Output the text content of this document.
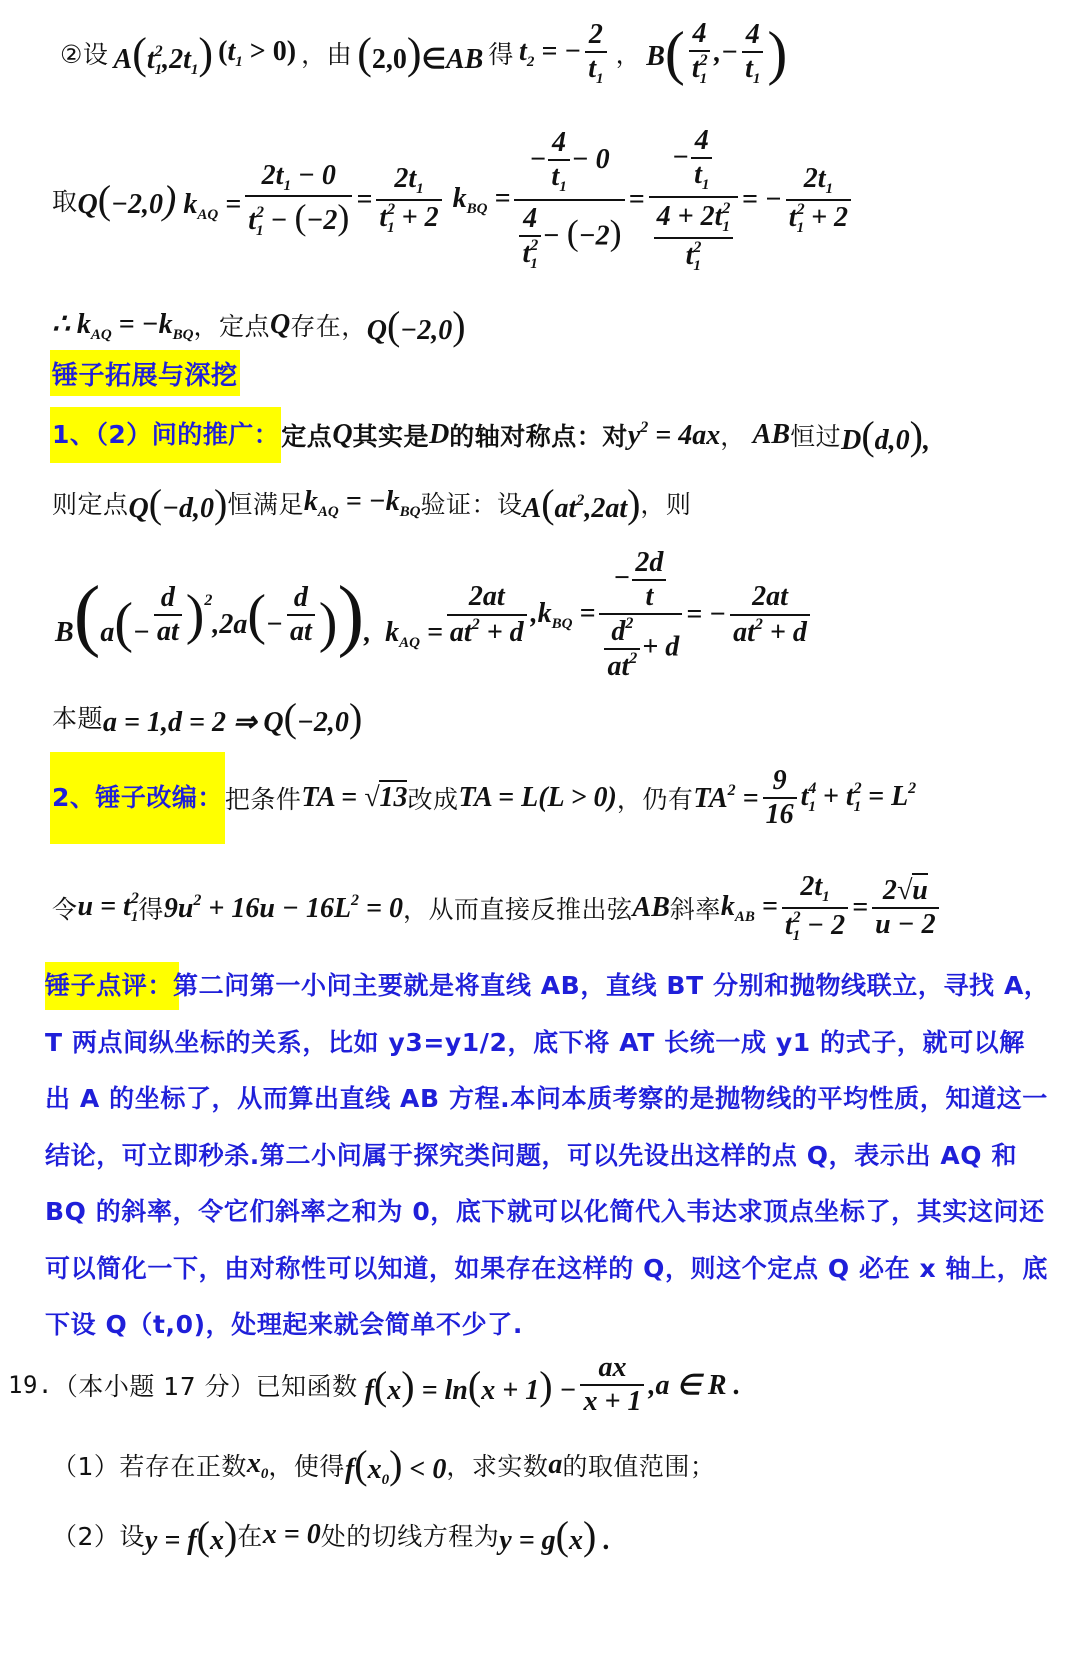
②设 $A(t^2_1,2t_1) (t_1 > 0)$ ，由 (2,0)∈AB 得 $t_2$ = − $\frac{2}{t_1}$ ， $B( \frac{4}{t^2_1}$ ,− $\frac{4}{t_1}$ )
取 Q(−2,0) $k_{AQ} = \frac{2t_1 - 0}{t^2_1 - (-2)} = \frac{2t_1}{t^2_1 + 2} k_{BQ} = \frac{- \frac{4}{t_1} - 0}{\frac{4}{t^2_1} - (-2)} = \frac{- \frac{4}{t_1}}{\frac{4 + 2t^2_1}{t^2_1}}$ = − $\frac{2t_1}{t^2_1 + 2}$
∴ $k_{AQ} = -k_{BQ}$ ，定点 Q 存在， Q(−2,0)
锤子拓展与深挖
1、（2）问的推广： 定点 Q 其实是 D 的轴对称点：对 $y^2 = 4ax$ ， AB 恒过 D(d,0),
则定点 Q(−d,0) 恒满足 $k_{AQ} = -k_{BQ}$ 验证：设 $A(at^2,2at)$ ，则
$B(a(- \frac{d}{at} )^2,2a(- \frac{d}{at}$ )),  $k_{AQ} = \frac{2at}{at^2 + d} ,k_{BQ} = \frac{- \frac{2d}{t}}{\frac{d^2}{at^2} + d}$ = − $\frac{2at}{at^2 + d}$
本题 a = 1,d = 2 ⇒ Q(−2,0)
2、锤子改编： 把条件 TA = √13 改成 TA = L(L > 0) ，仍有 $TA^2 = \frac{9}{16} t^4_1 + t^2_1 = L^2$
令 $u = t^2_1$ 得 $9u^2 + 16u - 16L^2 = 0$ ，从而直接反推出弦 AB 斜率 $k_{AB} = \frac{2t_1}{t^2_1 - 2} = \frac{2√u}{u - 2}$
锤子点评：第二问第一小问主要就是将直线 AB，直线 BT 分别和抛物线联立，寻找 A，T 两点间纵坐标的关系，比如 y3=y1/2，底下将 AT 长统一成 y1 的式子，就可以解出 A 的坐标了，从而算出直线 AB 方程.本问本质考察的是抛物线的平均性质，知道这一结论，可立即秒杀.第二小问属于探究类问题，可以先设出这样的点 Q，表示出 AQ 和 BQ 的斜率，令它们斜率之和为 0，底下就可以化简代入韦达求顶点坐标了，其实这问还可以简化一下，由对称性可以知道，如果存在这样的 Q，则这个定点 Q 必在 x 轴上，底下设 Q（t,0)，处理起来就会简单不少了.
19. （本小题 17 分）已知函数 $f(x) = \ln(x + 1) - \frac{ax}{x + 1} ,a$ ∈ R .
（1）若存在正数 $x_0$ ，使得 $f(x_0) < 0$ ，求实数 a 的取值范围；
（2）设 y = f(x) 在 x = 0 处的切线方程为 y = g(x) .
